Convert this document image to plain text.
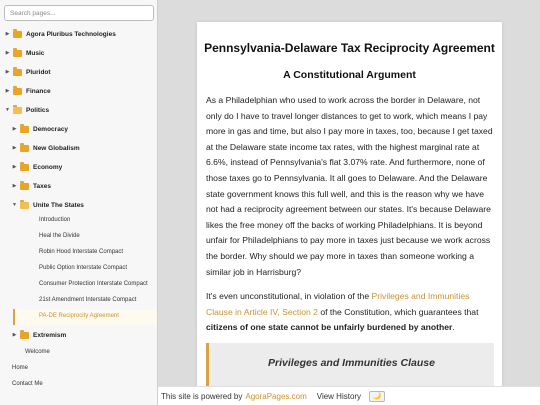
Search pages...
▶	Agora Pluribus Technologies
▶	Music
▶	Pluridot
▶	Finance
▼ Politics
▶	Democracy
▶	New Globalism
▶	Economy
▶	Taxes
▼ Unite The States
Introduction
Heal the Divide
Robin Hood Interstate Compact
Public Option Interstate Compact
Consumer Protection Interstate Compact
21st Amendment Interstate Compact
PA-DE Reciprocity Agreement
▶	Extremism
Welcome
Home
Contact Me
Pennsylvania-Delaware Tax Reciprocity Agreement
A Constitutional Argument

As a Philadelphian who used to work across the border in Delaware, not only do I have to travel longer distances to get to work, which means I pay more in gas and time, but also I pay more in taxes, too, because I get taxed at the Delaware state income tax rates, with the highest marginal rate at 6.6%, instead of Pennsylvania's flat 3.07% rate. And furthermore, none of those taxes go to Pennsylvania. It all goes to Delaware. And the Delaware state government knows this full well, and this is the reason why we have not had a reciprocity agreement between our states. It's because Delaware likes the free money off the backs of working Philadelphians. It is beyond unfair for Philadelphians to pay more in taxes just because we work across the border. Why should we pay more in taxes than someone working a similar job in Harrisburg?

It's even unconstitutional, in violation of the Privileges and Immunities Clause in Article IV, Section 2 of the Constitution, which guarantees that citizens of one state cannot be unfairly burdened by another.

Privileges and Immunities Clause
This site is powered by AgoraPages.com View History 🌙
